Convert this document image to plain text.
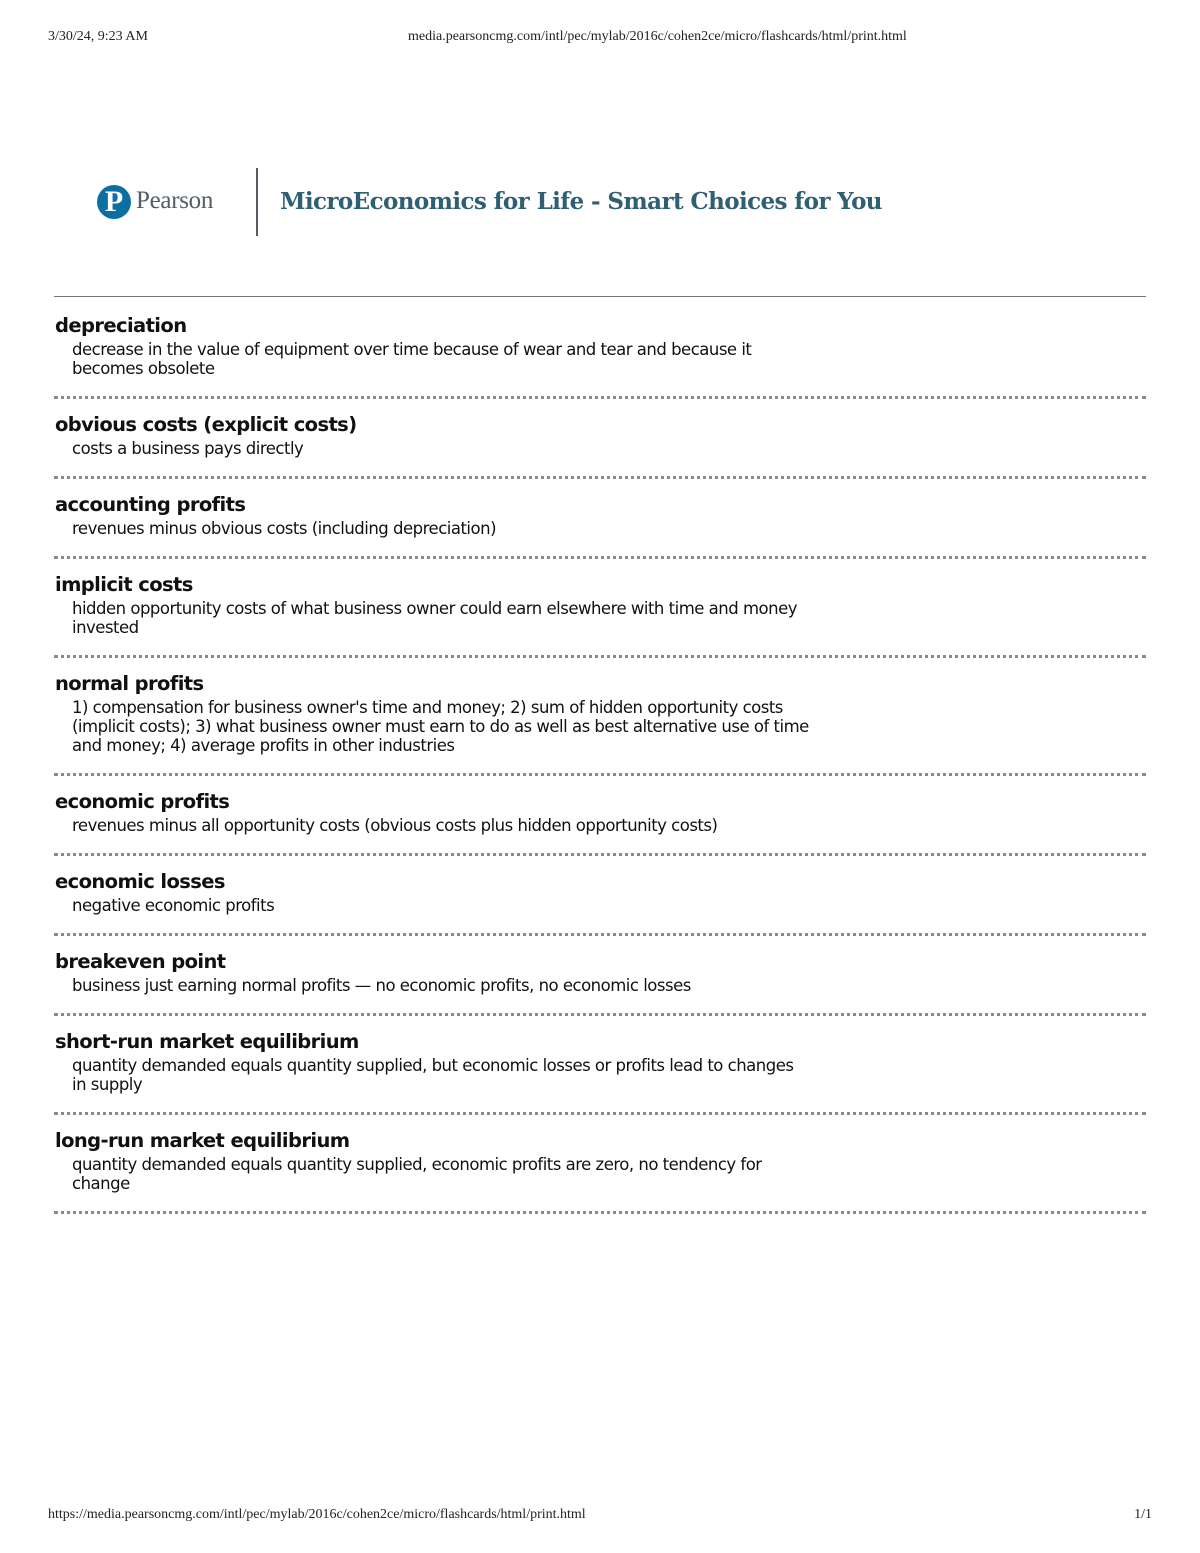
3/30/24, 9:23 AM	media.pearsoncmg.com/intl/pec/mylab/2016c/cohen2ce/micro/flashcards/html/print.html
P Pearson	MicroEconomics for Life - Smart Choices for You
depreciation
decrease in the value of equipment over time because of wear and tear and because it becomes obsolete
obvious costs (explicit costs)
costs a business pays directly
accounting profits
revenues minus obvious costs (including depreciation)
implicit costs
hidden opportunity costs of what business owner could earn elsewhere with time and money invested
normal profits
1) compensation for business owner's time and money; 2) sum of hidden opportunity costs (implicit costs); 3) what business owner must earn to do as well as best alternative use of time and money; 4) average profits in other industries
economic profits
revenues minus all opportunity costs (obvious costs plus hidden opportunity costs)
economic losses
negative economic profits
breakeven point
business just earning normal profits — no economic profits, no economic losses
short-run market equilibrium
quantity demanded equals quantity supplied, but economic losses or profits lead to changes in supply
long-run market equilibrium
quantity demanded equals quantity supplied, economic profits are zero, no tendency for change
https://media.pearsoncmg.com/intl/pec/mylab/2016c/cohen2ce/micro/flashcards/html/print.html	1/1
